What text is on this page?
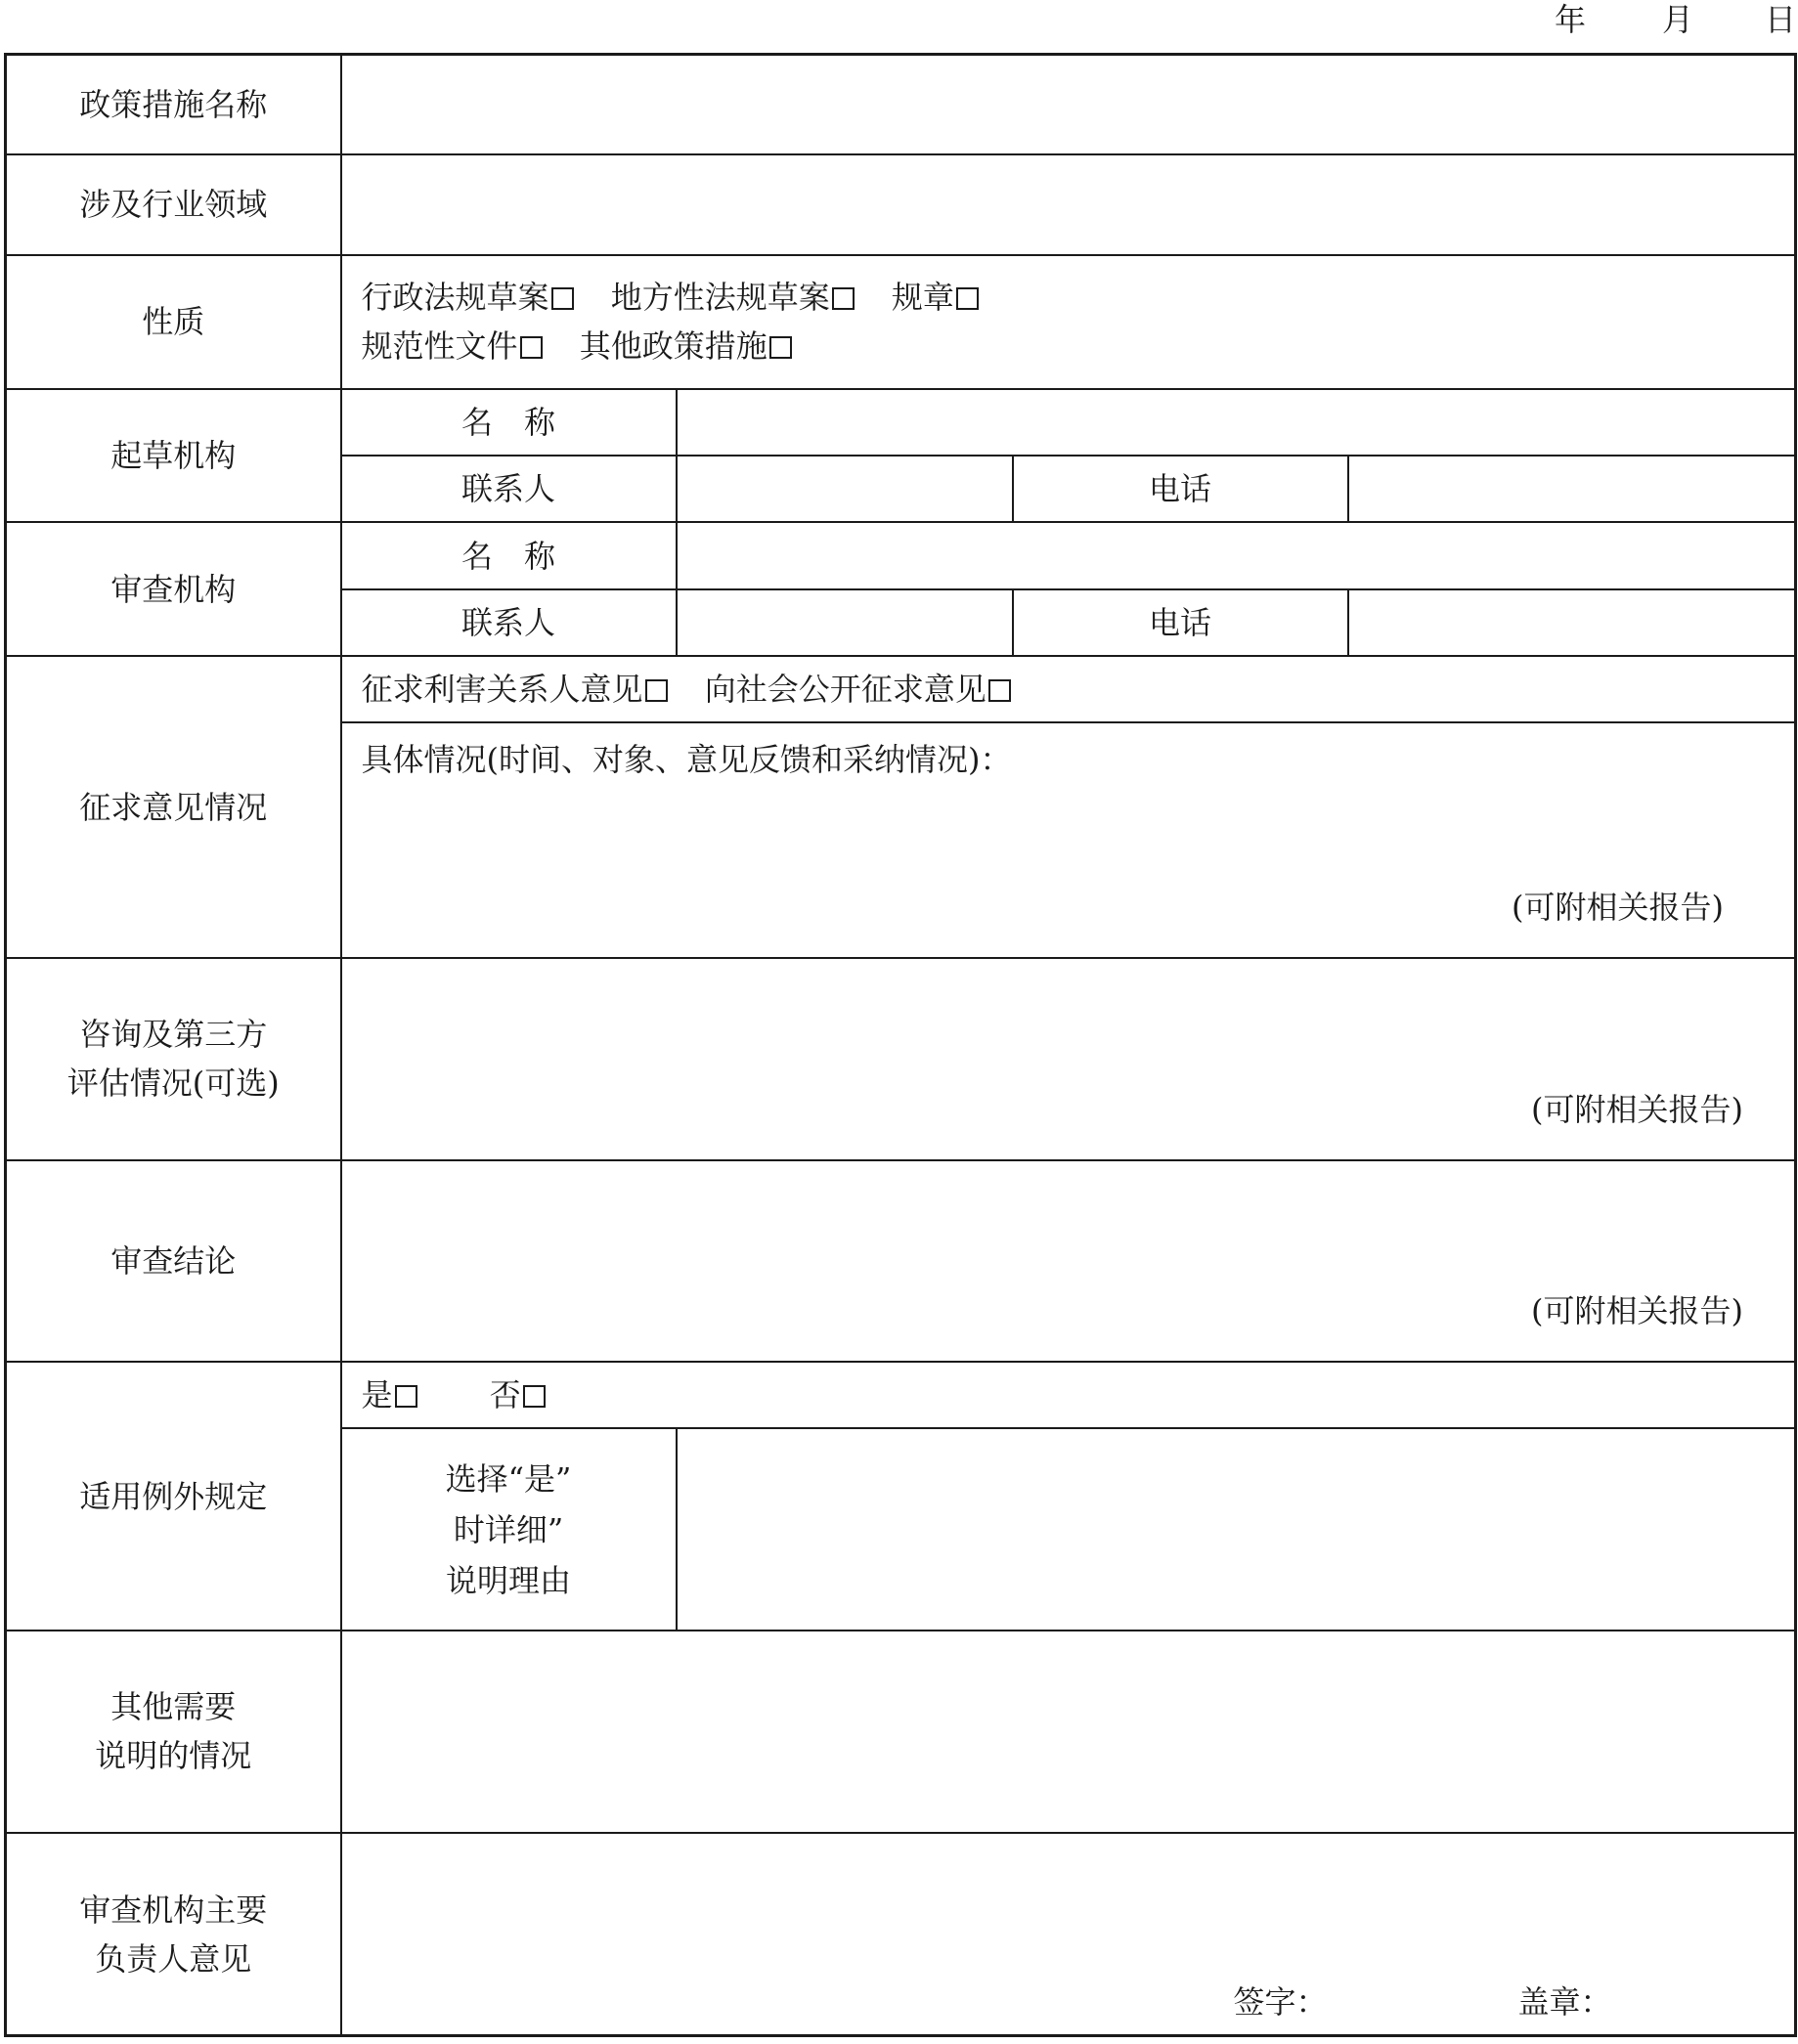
年 月 日
政策措施名称				
涉及行业领域				
性质	行政法规草案 地方性法规草案 规章
规范性文件 其他政策措施			

起草机构	名　称			

	联系人		电话	

审查机构	名　称			

	联系人		电话	

征求意见情况	征求利害关系人意见 向社会公开征求意见			

	具体情况(时间、对象、意见反馈和采纳情况)：
(可附相关报告)			

咨询及第三方
评估情况(可选)	(可附相关报告)			

审查结论	(可附相关报告)			

适用例外规定	是 否			

	选择“是”
时详细”
说明理由			

其他需要
说明的情况				

审查机构主要
负责人意见	签字： 盖章：			
